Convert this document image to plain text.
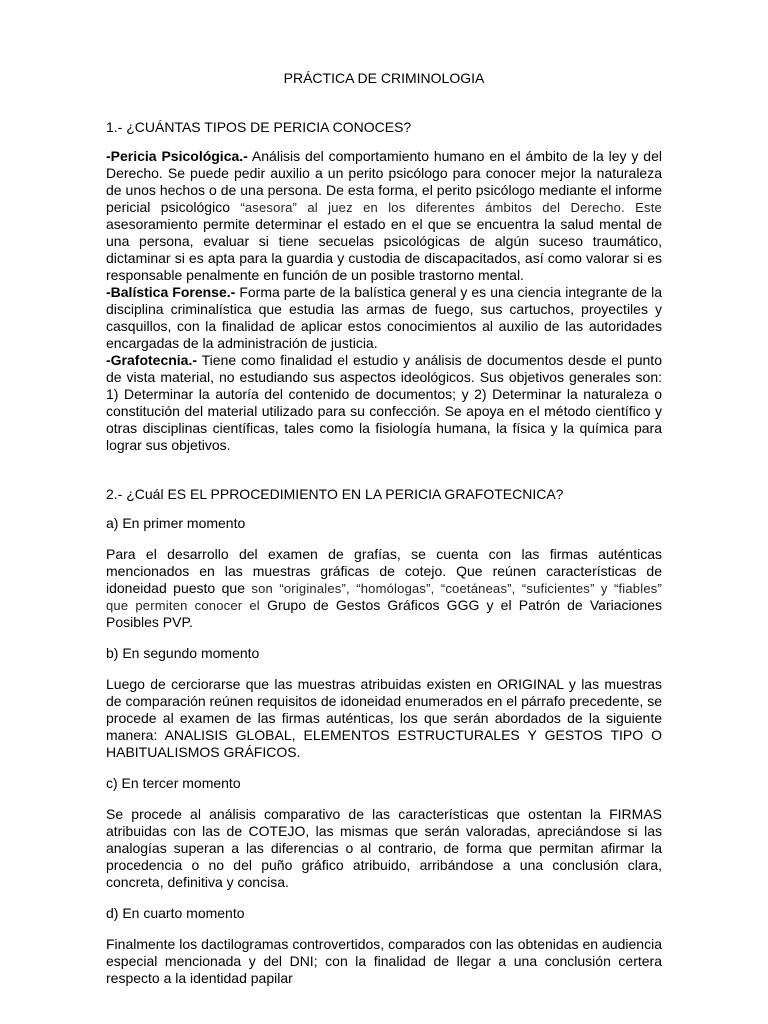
PRÁCTICA DE CRIMINOLOGIA

1.- ¿CUÁNTAS TIPOS DE PERICIA CONOCES?

-Pericia Psicológica.- Análisis del comportamiento humano en el ámbito de la ley y del Derecho. Se puede pedir auxilio a un perito psicólogo para conocer mejor la naturaleza de unos hechos o de una persona. De esta forma, el perito psicólogo mediante el informe pericial psicológico “asesora” al juez en los diferentes ámbitos del Derecho. Este asesoramiento permite determinar el estado en el que se encuentra la salud mental de una persona, evaluar si tiene secuelas psicológicas de algún suceso traumático, dictaminar si es apta para la guardia y custodia de discapacitados, así como valorar si es responsable penalmente en función de un posible trastorno mental.

-Balística Forense.- Forma parte de la balística general y es una ciencia integrante de la disciplina criminalística que estudia las armas de fuego, sus cartuchos, proyectiles y casquillos, con la finalidad de aplicar estos conocimientos al auxilio de las autoridades encargadas de la administración de justicia.

-Grafotecnia.- Tiene como finalidad el estudio y análisis de documentos desde el punto de vista material, no estudiando sus aspectos ideológicos. Sus objetivos generales son: 1) Determinar la autoría del contenido de documentos; y 2) Determinar la naturaleza o constitución del material utilizado para su confección. Se apoya en el método científico y otras disciplinas científicas, tales como la fisiología humana, la física y la química para lograr sus objetivos.

2.- ¿Cuál ES EL PPROCEDIMIENTO EN LA PERICIA GRAFOTECNICA?

a) En primer momento

Para el desarrollo del examen de grafías, se cuenta con las firmas auténticas mencionados en las muestras gráficas de cotejo. Que reúnen características de idoneidad puesto que son “originales”, “homólogas”, “coetáneas”, “suficientes” y “fiables” que permiten conocer el Grupo de Gestos Gráficos GGG y el Patrón de Variaciones Posibles PVP.

b) En segundo momento

Luego de cerciorarse que las muestras atribuidas existen en ORIGINAL y las muestras de comparación reúnen requisitos de idoneidad enumerados en el párrafo precedente, se procede al examen de las firmas auténticas, los que serán abordados de la siguiente manera: ANALISIS GLOBAL, ELEMENTOS ESTRUCTURALES Y GESTOS TIPO O HABITUALISMOS GRÁFICOS.

c) En tercer momento

Se procede al análisis comparativo de las características que ostentan la FIRMAS atribuidas con las de COTEJO, las mismas que serán valoradas, apreciándose si las analogías superan a las diferencias o al contrario, de forma que permitan afirmar la procedencia o no del puño gráfico atribuido, arribándose a una conclusión clara, concreta, definitiva y concisa.

d) En cuarto momento

Finalmente los dactilogramas controvertidos, comparados con las obtenidas en audiencia especial mencionada y del DNI; con la finalidad de llegar a una conclusión certera respecto a la identidad papilar
